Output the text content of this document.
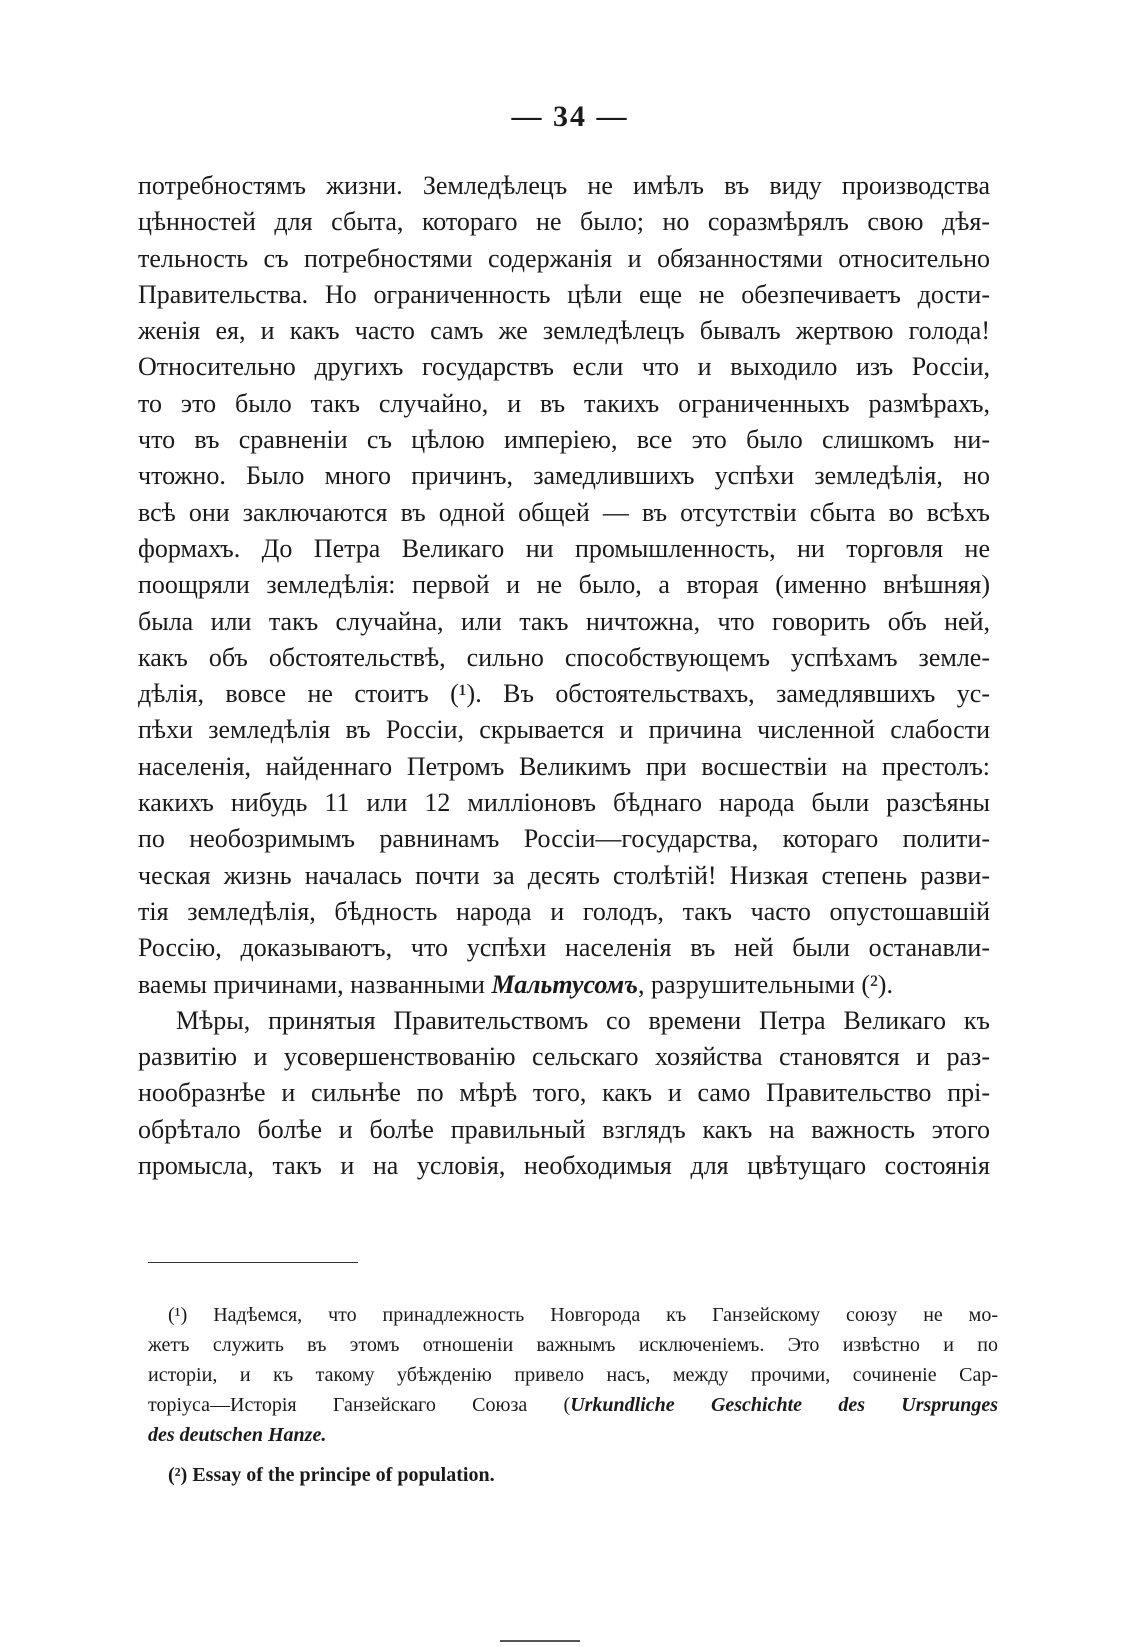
— 34 —
потребностямъ жизни. Земледѣлецъ не имѣлъ въ виду производства
цѣнностей для сбыта, котораго не было; но соразмѣрялъ свою дѣя-
тельность съ потребностями содержанія и обязанностями относительно
Правительства. Но ограниченность цѣли еще не обезпечиваетъ дости-
женія ея, и какъ часто самъ же земледѣлецъ бывалъ жертвою голода!
Относительно другихъ государствъ если что и выходило изъ Россіи,
то это было такъ случайно, и въ такихъ ограниченныхъ размѣрахъ,
что въ сравненіи съ цѣлою имперіею, все это было слишкомъ ни-
чтожно. Было много причинъ, замедлившихъ успѣхи земледѣлія, но
всѣ они заключаются въ одной общей — въ отсутствіи сбыта во всѣхъ
формахъ. До Петра Великаго ни промышленность, ни торговля не
поощряли земледѣлія: первой и не было, а вторая (именно внѣшняя)
была или такъ случайна, или такъ ничтожна, что говорить объ ней,
какъ объ обстоятельствѣ, сильно способствующемъ успѣхамъ земле-
дѣлія, вовсе не стоитъ (¹). Въ обстоятельствахъ, замедлявшихъ ус-
пѣхи земледѣлія въ Россіи, скрывается и причина численной слабости
населенія, найденнаго Петромъ Великимъ при восшествіи на престолъ:
какихъ нибудь 11 или 12 милліоновъ бѣднаго народа были разсѣяны
по необозримымъ равнинамъ Россіи—государства, котораго полити-
ческая жизнь началась почти за десять столѣтій! Низкая степень разви-
тія земледѣлія, бѣдность народа и голодъ, такъ часто опустошавшій
Россію, доказываютъ, что успѣхи населенія въ ней были останавли-
ваемы причинами, названными Мальтусомъ, разрушительными (²).
Мѣры, принятыя Правительствомъ со времени Петра Великаго къ
развитію и усовершенствованію сельскаго хозяйства становятся и раз-
нообразнѣе и сильнѣе по мѣрѣ того, какъ и само Правительство прі-
обрѣтало болѣе и болѣе правильный взглядъ какъ на важность этого
промысла, такъ и на условія, необходимыя для цвѣтущаго состоянія
(¹) Надѣемся, что принадлежность Новгорода къ Ганзейскому союзу не мо-
жетъ служить въ этомъ отношеніи важнымъ исключеніемъ. Это извѣстно и по
исторіи, и къ такому убѣжденію привело насъ, между прочими, сочиненіе Сар-
торіуса—Исторія Ганзейскаго Союза (Urkundliche Geschichte des Ursprunges
des deutschen Hanze.
(²) Essay of the principe of population.
